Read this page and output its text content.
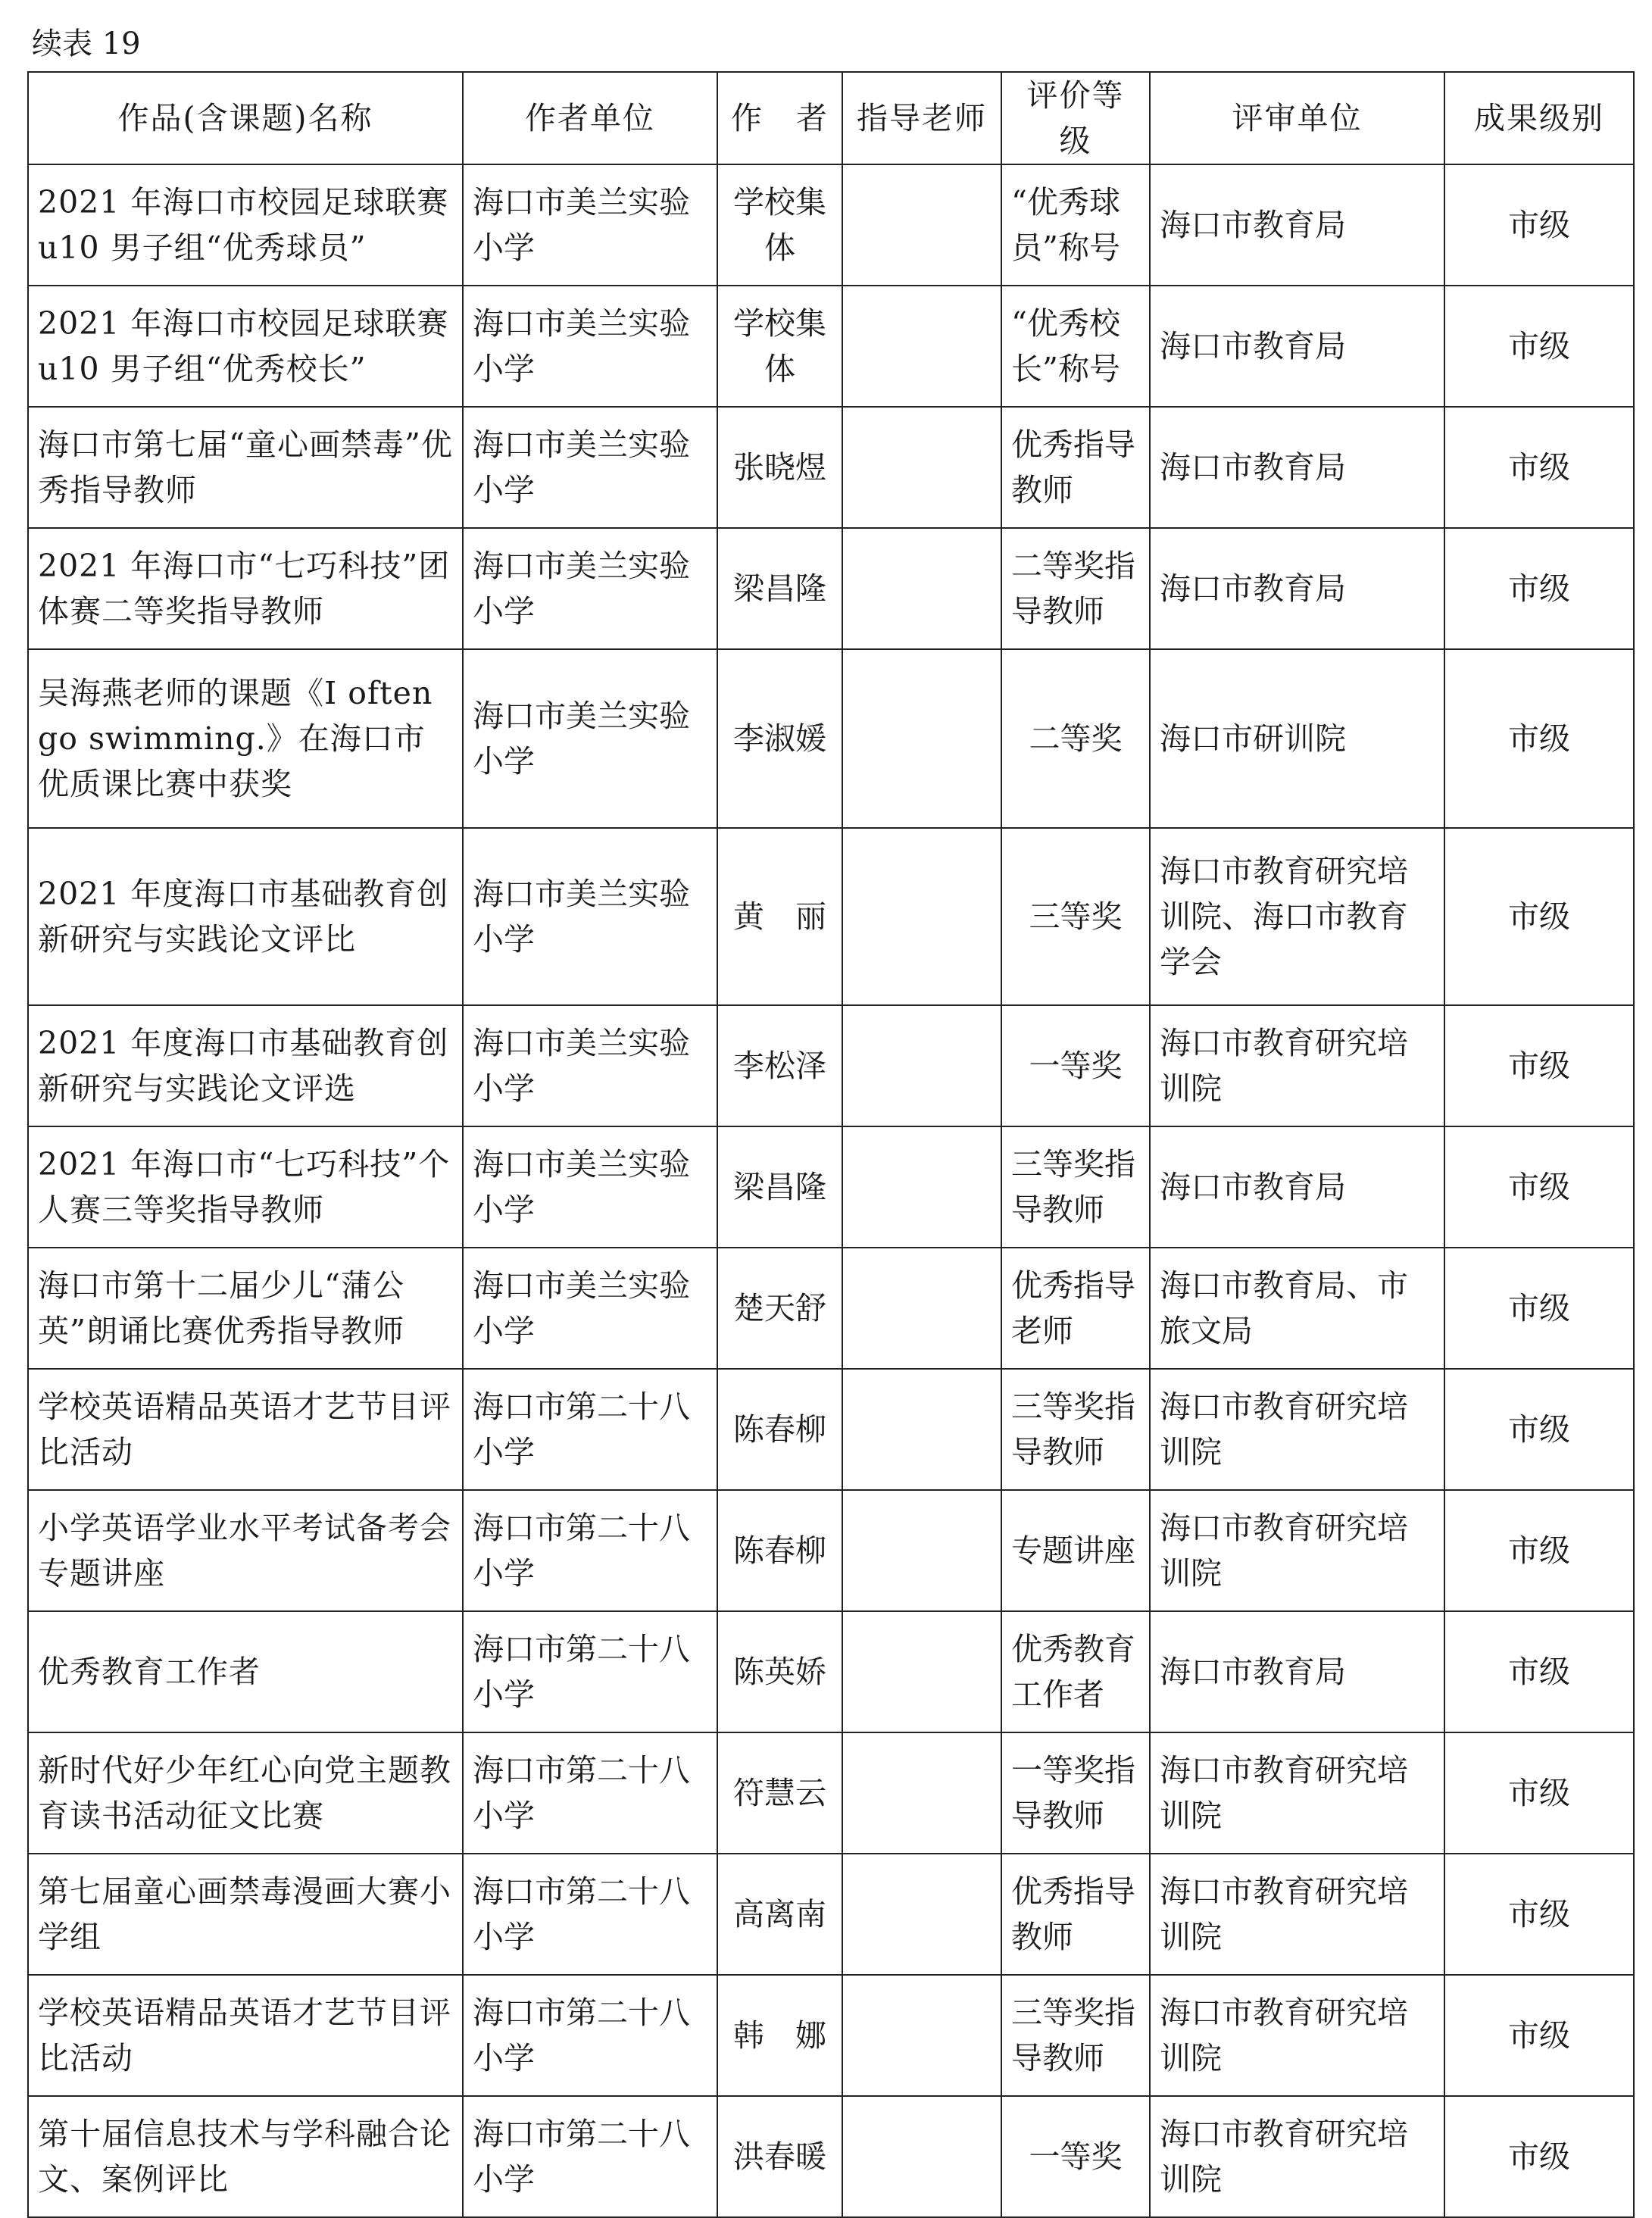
续表 19
作品(含课题)名称	作者单位	作　者	指导老师	评价等级	评审单位	成果级别
2021 年海口市校园足球联赛 u10 男子组“优秀球员”	海口市美兰实验小学	学校集体		“优秀球员”称号	海口市教育局	市级
2021 年海口市校园足球联赛 u10 男子组“优秀校长”	海口市美兰实验小学	学校集体		“优秀校长”称号	海口市教育局	市级
海口市第七届“童心画禁毒”优秀指导教师	海口市美兰实验小学	张晓煜		优秀指导教师	海口市教育局	市级
2021 年海口市“七巧科技”团体赛二等奖指导教师	海口市美兰实验小学	梁昌隆		二等奖指导教师	海口市教育局	市级
吴海燕老师的课题《I often go swimming.》在海口市优质课比赛中获奖	海口市美兰实验小学	李淑媛		二等奖	海口市研训院	市级
2021 年度海口市基础教育创新研究与实践论文评比	海口市美兰实验小学	黄　丽		三等奖	海口市教育研究培训院、海口市教育学会	市级
2021 年度海口市基础教育创新研究与实践论文评选	海口市美兰实验小学	李松泽		一等奖	海口市教育研究培训院	市级
2021 年海口市“七巧科技”个人赛三等奖指导教师	海口市美兰实验小学	梁昌隆		三等奖指导教师	海口市教育局	市级
海口市第十二届少儿“蒲公英”朗诵比赛优秀指导教师	海口市美兰实验小学	楚天舒		优秀指导老师	海口市教育局、市旅文局	市级
学校英语精品英语才艺节目评比活动	海口市第二十八小学	陈春柳		三等奖指导教师	海口市教育研究培训院	市级
小学英语学业水平考试备考会专题讲座	海口市第二十八小学	陈春柳		专题讲座	海口市教育研究培训院	市级
优秀教育工作者	海口市第二十八小学	陈英娇		优秀教育工作者	海口市教育局	市级
新时代好少年红心向党主题教育读书活动征文比赛	海口市第二十八小学	符慧云		一等奖指导教师	海口市教育研究培训院	市级
第七届童心画禁毒漫画大赛小学组	海口市第二十八小学	高离南		优秀指导教师	海口市教育研究培训院	市级
学校英语精品英语才艺节目评比活动	海口市第二十八小学	韩　娜		三等奖指导教师	海口市教育研究培训院	市级
第十届信息技术与学科融合论文、案例评比	海口市第二十八小学	洪春暖		一等奖	海口市教育研究培训院	市级
